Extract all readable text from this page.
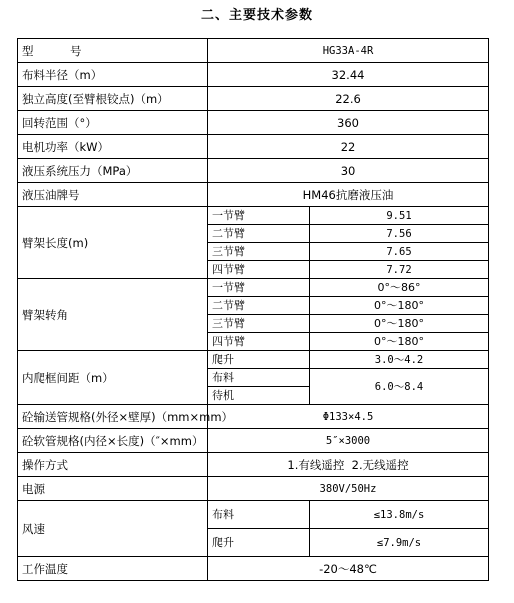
二、主要技术参数
型          号	HG33A-4R	
布料半径（m）	32.44	
独立高度(至臂根铰点)（m）	22.6	
回转范围（°）	360	
电机功率（kW）	22	
液压系统压力（MPa）	30	
液压油牌号	HM46抗磨液压油	
臂架长度(m)	一节臂	9.51
	二节臂	7.56
	三节臂	7.65
	四节臂	7.72
臂架转角	一节臂	0°～86°
	二节臂	0°～180°
	三节臂	0°～180°
	四节臂	0°～180°
内爬框间距（m）	爬升	3.0～4.2
	布料	6.0～8.4
	待机	
砼输送管规格(外径×壁厚)（mm×mm）	Φ133×4.5	
砼软管规格(内径×长度)（″×mm）	5″×3000	
操作方式	1.有线遥控  2.无线遥控	
电源	380V/50Hz	
风速	布料	≤13.8m/s
	爬升	≤7.9m/s
工作温度	-20～48℃	
